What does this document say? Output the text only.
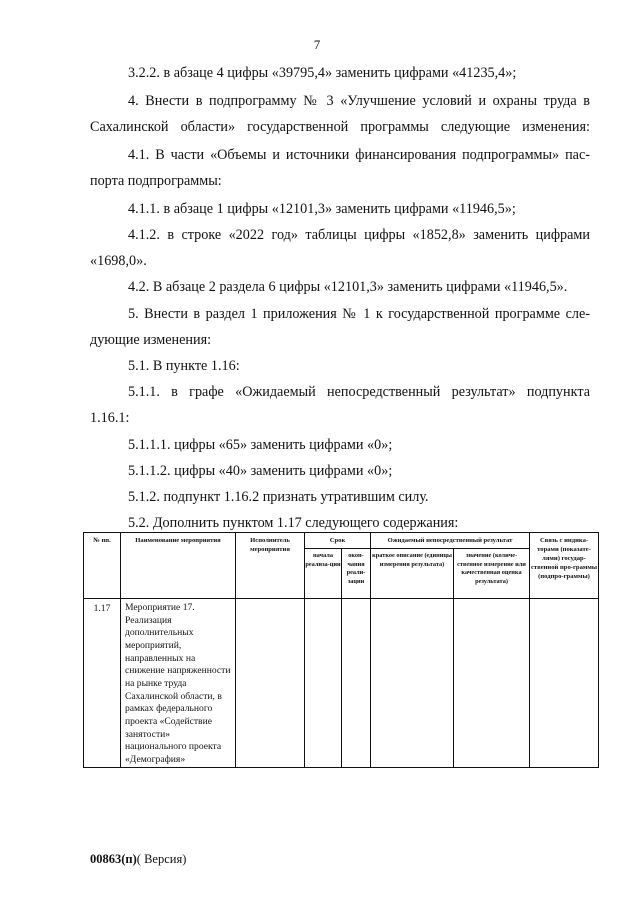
7
3.2.2. в абзаце 4 цифры «39795,4» заменить цифрами «41235,4»;
4. Внести в подпрограмму № 3 «Улучшение условий и охраны труда в
Сахалинской области» государственной программы следующие изменения:
4.1. В части «Объемы и источники финансирования подпрограммы» пас-
порта подпрограммы:
4.1.1. в абзаце 1 цифры «12101,3» заменить цифрами «11946,5»;
4.1.2. в строке «2022 год» таблицы цифры «1852,8» заменить цифрами
«1698,0».
4.2. В абзаце 2 раздела 6 цифры «12101,3» заменить цифрами «11946,5».
5. Внести в раздел 1 приложения № 1 к государственной программе сле-
дующие изменения:
5.1. В пункте 1.16:
5.1.1. в графе «Ожидаемый непосредственный результат» подпункта
1.16.1:
5.1.1.1. цифры «65» заменить цифрами «0»;
5.1.1.2. цифры «40» заменить цифрами «0»;
5.1.2. подпункт 1.16.2 признать утратившим силу.
5.2. Дополнить пунктом 1.17 следующего содержания:
№ пп.	Наименование мероприятия	Исполнитель мероприятия	Срок		Ожидаемый непосредственный результат		Связь с индика-торами (показате-лями) государ-ственной про-граммы (подпро-граммы)
			начала реализа-ции	окон-чания реали-зации	краткое описание (единицы измерения результата)	значение (количе-ственное измерение или качественная оценка результата)	
1.17	Мероприятие 17. Реализация дополнительных мероприятий, направленных на снижение напряженности на рынке труда Сахалинской области, в рамках федерального проекта «Содействие занятости» национального проекта «Демография»						
00863(п)( Версия)
